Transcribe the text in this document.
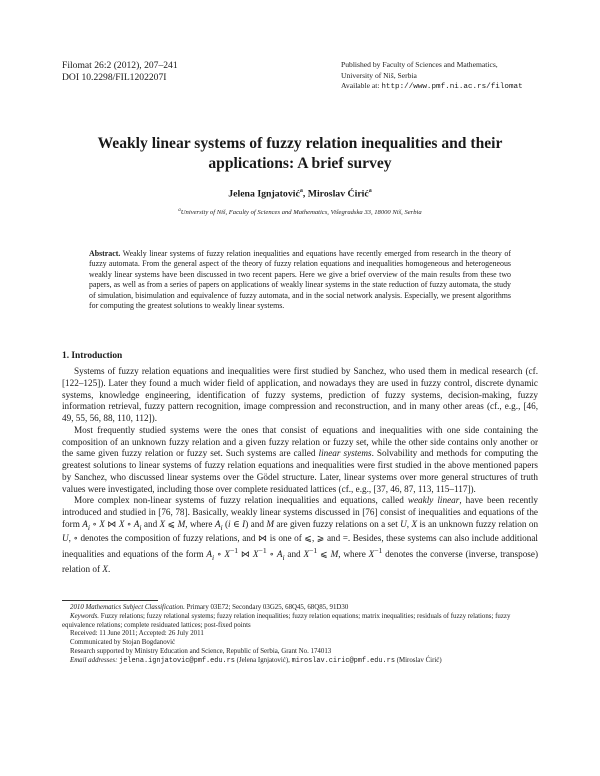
Filomat 26:2 (2012), 207–241
DOI 10.2298/FIL1202207I
Published by Faculty of Sciences and Mathematics,
University of Niš, Serbia
Available at: http://www.pmf.ni.ac.rs/filomat
Weakly linear systems of fuzzy relation inequalities and their
applications: A brief survey
Jelena Ignjatović$^a$, Miroslav Ćirić$^a$
$^a$University of Niš, Faculty of Sciences and Mathematics, Višegradska 33, 18000 Niš, Serbia
Abstract. Weakly linear systems of fuzzy relation inequalities and equations have recently emerged from research in the theory of fuzzy automata. From the general aspect of the theory of fuzzy relation equations and inequalities homogeneous and heterogeneous weakly linear systems have been discussed in two recent papers. Here we give a brief overview of the main results from these two papers, as well as from a series of papers on applications of weakly linear systems in the state reduction of fuzzy automata, the study of simulation, bisimulation and equivalence of fuzzy automata, and in the social network analysis. Especially, we present algorithms for computing the greatest solutions to weakly linear systems.
1. Introduction

Systems of fuzzy relation equations and inequalities were first studied by Sanchez, who used them in medical research (cf. [122–125]). Later they found a much wider field of application, and nowadays they are used in fuzzy control, discrete dynamic systems, knowledge engineering, identification of fuzzy systems, prediction of fuzzy systems, decision-making, fuzzy information retrieval, fuzzy pattern recognition, image compression and reconstruction, and in many other areas (cf., e.g., [46, 49, 55, 56, 88, 110, 112]).

Most frequently studied systems were the ones that consist of equations and inequalities with one side containing the composition of an unknown fuzzy relation and a given fuzzy relation or fuzzy set, while the other side contains only another or the same given fuzzy relation or fuzzy set. Such systems are called linear systems. Solvability and methods for computing the greatest solutions to linear systems of fuzzy relation equations and inequalities were first studied in the above mentioned papers by Sanchez, who discussed linear systems over the Gödel structure. Later, linear systems over more general structures of truth values were investigated, including those over complete residuated lattices (cf., e.g., [37, 46, 87, 113, 115–117]).

More complex non-linear systems of fuzzy relation inequalities and equations, called weakly linear, have been recently introduced and studied in [76, 78]. Basically, weakly linear systems discussed in [76] consist of inequalities and equations of the form $A_i$ ∘ X ⋈ X ∘ $A_i$ and X ⩽ M, where $A_i$ (i ∈ I) and M are given fuzzy relations on a set U, X is an unknown fuzzy relation on U, ∘ denotes the composition of fuzzy relations, and ⋈ is one of ⩽, ⩾ and =. Besides, these systems can also include additional inequalities and equations of the form $A_i$ ∘ $X^{-1}$ ⋈ $X^{-1}$ ∘ $A_i$ and $X^{-1}$ ⩽ M, where $X^{-1}$ denotes the converse (inverse, transpose) relation of X.

2010 Mathematics Subject Classification. Primary 03E72; Secondary 03G25, 68Q45, 68Q85, 91D30
Keywords. Fuzzy relations; fuzzy relational systems; fuzzy relation inequalities; fuzzy relation equations; matrix inequalities; residuals of fuzzy relations; fuzzy equivalence relations; complete residuated lattices; post-fixed points
Received: 11 June 2011; Accepted: 26 July 2011
Communicated by Stojan Bogdanović
Research supported by Ministry Education and Science, Republic of Serbia, Grant No. 174013
Email addresses: jelena.ignjatovic@pmf.edu.rs (Jelena Ignjatović), miroslav.ciric@pmf.edu.rs (Miroslav Ćirić)
